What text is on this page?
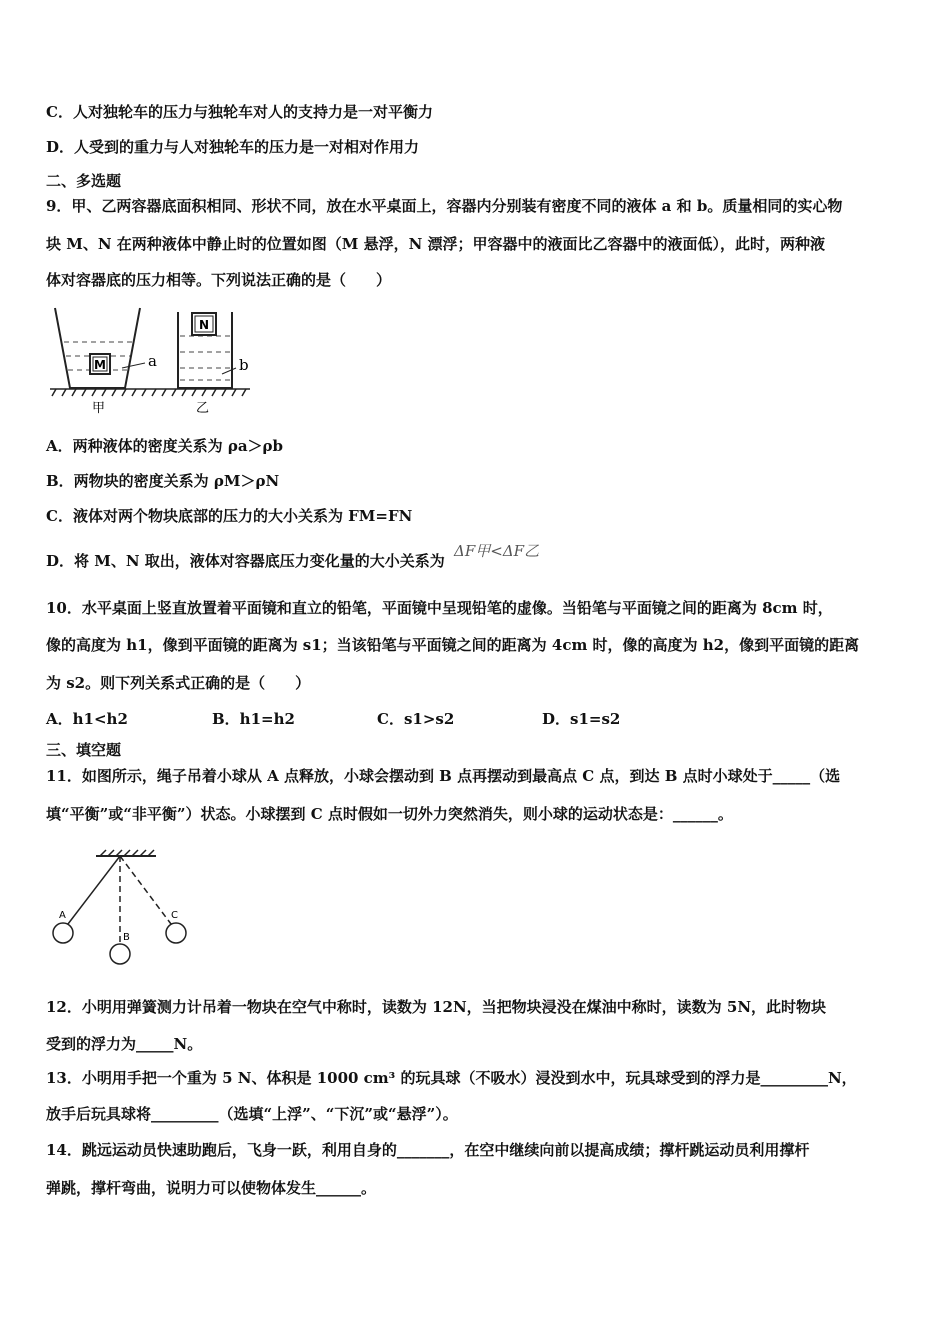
C．人对独轮车的压力与独轮车对人的支持力是一对平衡力
D．人受到的重力与人对独轮车的压力是一对相对作用力
二、多选题
9．甲、乙两容器底面积相同、形状不同，放在水平桌面上，容器内分别装有密度不同的液体 a 和 b。质量相同的实心物
块 M、N 在两种液体中静止时的位置如图（M 悬浮，N 漂浮；甲容器中的液面比乙容器中的液面低），此时，两种液
体对容器底的压力相等。下列说法正确的是（　　）
M	a
N
b
甲	乙
A．两种液体的密度关系为 ρa＞ρb
B．两物块的密度关系为 ρM＞ρN
C．液体对两个物块底部的压力的大小关系为 FM=FN
D．将 M、N 取出，液体对容器底压力变化量的大小关系为 ΔF甲<ΔF乙
10．水平桌面上竖直放置着平面镜和直立的铅笔，平面镜中呈现铅笔的虚像。当铅笔与平面镜之间的距离为 8cm 时，
像的高度为 h1，像到平面镜的距离为 s1；当该铅笔与平面镜之间的距离为 4cm 时，像的高度为 h2，像到平面镜的距离
为 s2。则下列关系式正确的是（　　）
A．h1<h2	B．h1=h2	C．s1>s2	D．s1=s2
三、填空题
11．如图所示，绳子吊着小球从 A 点释放，小球会摆动到 B 点再摆动到最高点 C 点，到达 B 点时小球处于_____（选
填“平衡”或“非平衡”）状态。小球摆到 C 点时假如一切外力突然消失，则小球的运动状态是：______。
A
B
C
12．小明用弹簧测力计吊着一物块在空气中称时，读数为 12N，当把物块浸没在煤油中称时，读数为 5N，此时物块
受到的浮力为_____N。
13．小明用手把一个重为 5 N、体积是 1000 cm³ 的玩具球（不吸水）浸没到水中，玩具球受到的浮力是_________N，
放手后玩具球将_________（选填“上浮”、“下沉”或“悬浮”）。
14．跳远运动员快速助跑后，飞身一跃，利用自身的_______，在空中继续向前以提高成绩；撑杆跳运动员利用撑杆
弹跳，撑杆弯曲，说明力可以使物体发生______。
